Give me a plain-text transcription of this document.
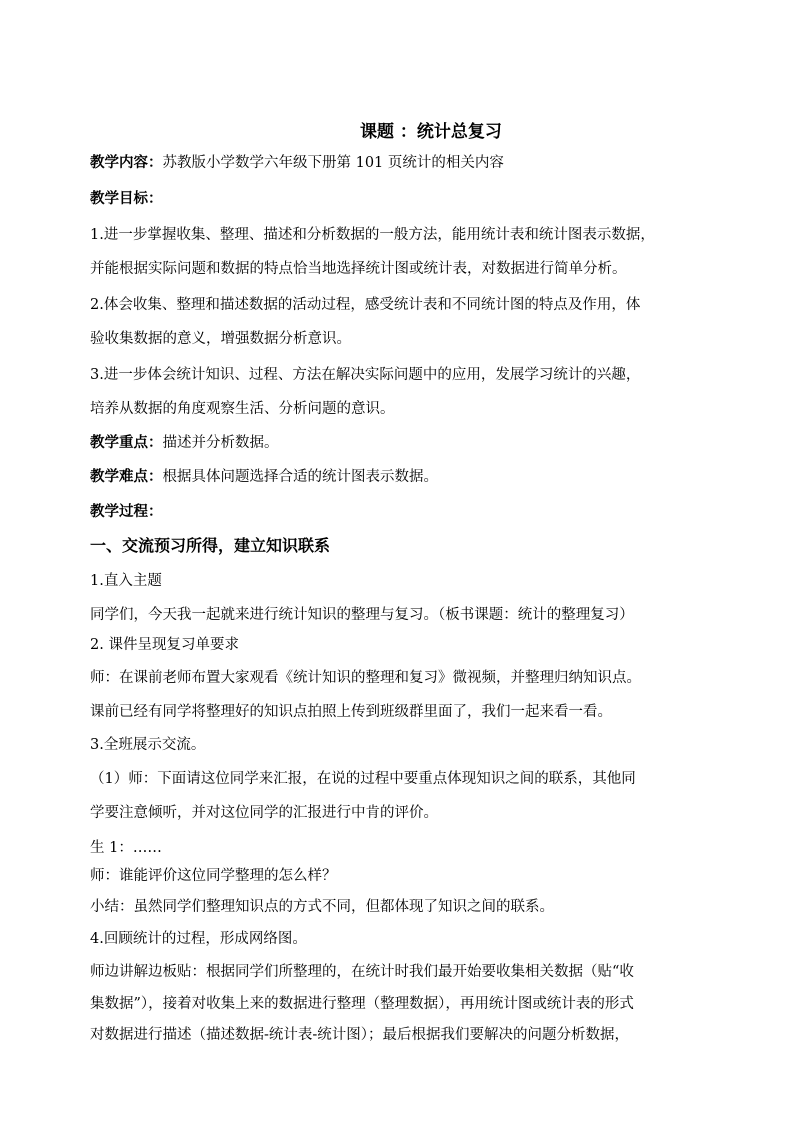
课题 ：统计总复习
教学内容：苏教版小学数学六年级下册第 101 页统计的相关内容
教学目标：
1.进一步掌握收集、整理、描述和分析数据的一般方法，能用统计表和统计图表示数据，
并能根据实际问题和数据的特点恰当地选择统计图或统计表，对数据进行简单分析。
2.体会收集、整理和描述数据的活动过程，感受统计表和不同统计图的特点及作用，体
验收集数据的意义，增强数据分析意识。
3.进一步体会统计知识、过程、方法在解决实际问题中的应用，发展学习统计的兴趣，
培养从数据的角度观察生活、分析问题的意识。
教学重点：描述并分析数据。
教学难点：根据具体问题选择合适的统计图表示数据。
教学过程：
一、交流预习所得，建立知识联系
1.直入主题
同学们，今天我一起就来进行统计知识的整理与复习。（板书课题：统计的整理复习）
2. 课件呈现复习单要求
师：在课前老师布置大家观看《统计知识的整理和复习》微视频，并整理归纳知识点。
课前已经有同学将整理好的知识点拍照上传到班级群里面了，我们一起来看一看。
3.全班展示交流。
（1）师：下面请这位同学来汇报，在说的过程中要重点体现知识之间的联系，其他同
学要注意倾听，并对这位同学的汇报进行中肯的评价。
生 1：……
师：谁能评价这位同学整理的怎么样？
小结：虽然同学们整理知识点的方式不同，但都体现了知识之间的联系。
4.回顾统计的过程，形成网络图。
师边讲解边板贴：根据同学们所整理的，在统计时我们最开始要收集相关数据（贴“收
集数据”），接着对收集上来的数据进行整理（整理数据），再用统计图或统计表的形式
对数据进行描述（描述数据-统计表-统计图）；最后根据我们要解决的问题分析数据，
